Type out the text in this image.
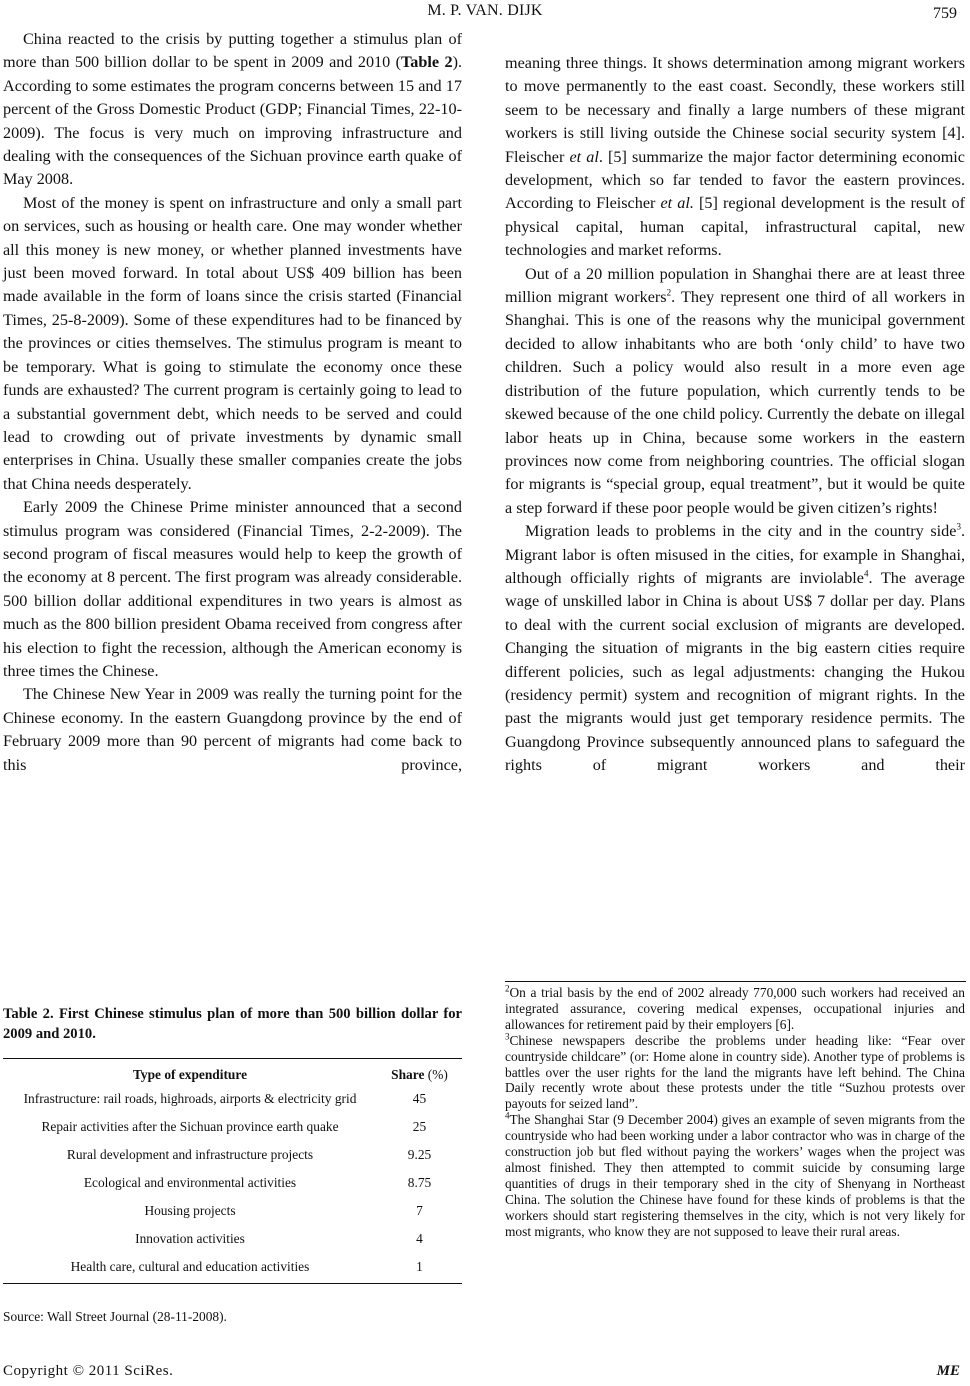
M. P. VAN. DIJK	759

China reacted to the crisis by putting together a stimulus plan of more than 500 billion dollar to be spent in 2009 and 2010 (Table 2). According to some estimates the program concerns between 15 and 17 percent of the Gross Domestic Product (GDP; Financial Times, 22-10-2009). The focus is very much on improving infrastructure and dealing with the consequences of the Sichuan province earth quake of May 2008.

Most of the money is spent on infrastructure and only a small part on services, such as housing or health care. One may wonder whether all this money is new money, or whether planned investments have just been moved forward. In total about US$ 409 billion has been made available in the form of loans since the crisis started (Financial Times, 25-8-2009). Some of these expenditures had to be financed by the provinces or cities themselves. The stimulus program is meant to be temporary. What is going to stimulate the economy once these funds are exhausted? The current program is certainly going to lead to a substantial government debt, which needs to be served and could lead to crowding out of private investments by dynamic small enterprises in China. Usually these smaller companies create the jobs that China needs desperately.

Early 2009 the Chinese Prime minister announced that a second stimulus program was considered (Financial Times, 2-2-2009). The second program of fiscal measures would help to keep the growth of the economy at 8 percent. The first program was already considerable. 500 billion dollar additional expenditures in two years is almost as much as the 800 billion president Obama received from congress after his election to fight the recession, although the American economy is three times the Chinese.

The Chinese New Year in 2009 was really the turning point for the Chinese economy. In the eastern Guangdong province by the end of February 2009 more than 90 percent of migrants had come back to this province,

Table 2. First Chinese stimulus plan of more than 500 billion dollar for 2009 and 2010.
Type of expenditure	Share (%)
Infrastructure: rail roads, highroads, airports & electricity grid	45
Repair activities after the Sichuan province earth quake	25
Rural development and infrastructure projects	9.25
Ecological and environmental activities	8.75
Housing projects	7
Innovation activities	4
Health care, cultural and education activities	1
Source: Wall Street Journal (28-11-2008).

meaning three things. It shows determination among migrant workers to move permanently to the east coast. Secondly, these workers still seem to be necessary and finally a large numbers of these migrant workers is still living outside the Chinese social security system [4]. Fleischer et al. [5] summarize the major factor determining economic development, which so far tended to favor the eastern provinces. According to Fleischer et al. [5] regional development is the result of physical capital, human capital, infrastructural capital, new technologies and market reforms.

Out of a 20 million population in Shanghai there are at least three million migrant workers$^2$. They represent one third of all workers in Shanghai. This is one of the reasons why the municipal government decided to allow inhabitants who are both ‘only child’ to have two children. Such a policy would also result in a more even age distribution of the future population, which currently tends to be skewed because of the one child policy. Currently the debate on illegal labor heats up in China, because some workers in the eastern provinces now come from neighboring countries. The official slogan for migrants is “special group, equal treatment”, but it would be quite a step forward if these poor people would be given citizen’s rights!

Migration leads to problems in the city and in the country side$^3$. Migrant labor is often misused in the cities, for example in Shanghai, although officially rights of migrants are inviolable$^4$. The average wage of unskilled labor in China is about US$ 7 dollar per day. Plans to deal with the current social exclusion of migrants are developed. Changing the situation of migrants in the big eastern cities require different policies, such as legal adjustments: changing the Hukou (residency permit) system and recognition of migrant rights. In the past the migrants would just get temporary residence permits. The Guangdong Province subsequently announced plans to safeguard the rights of migrant workers and their

$^2$On a trial basis by the end of 2002 already 770,000 such workers had received an integrated assurance, covering medical expenses, occupational injuries and allowances for retirement paid by their employers [6].

$^3$Chinese newspapers describe the problems under heading like: “Fear over countryside childcare” (or: Home alone in country side). Another type of problems is battles over the user rights for the land the migrants have left behind. The China Daily recently wrote about these protests under the title “Suzhou protests over payouts for seized land”.

$^4$The Shanghai Star (9 December 2004) gives an example of seven migrants from the countryside who had been working under a labor contractor who was in charge of the construction job but fled without paying the workers’ wages when the project was almost finished. They then attempted to commit suicide by consuming large quantities of drugs in their temporary shed in the city of Shenyang in Northeast China. The solution the Chinese have found for these kinds of problems is that the workers should start registering themselves in the city, which is not very likely for most migrants, who know they are not supposed to leave their rural areas.

Copyright © 2011 SciRes.	ME
